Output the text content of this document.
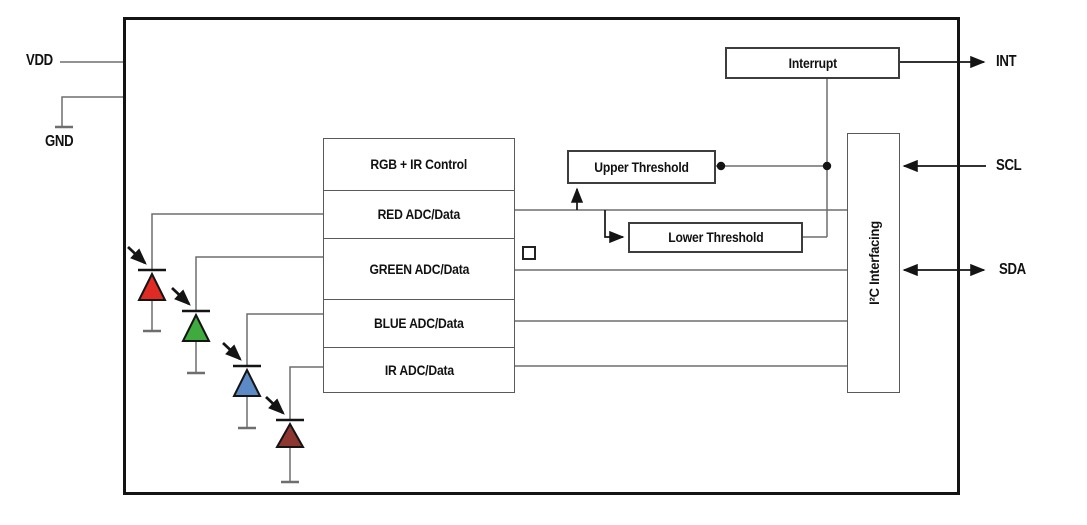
RGB + IR Control
RED ADC/Data
GREEN ADC/Data
BLUE ADC/Data
IR ADC/Data
Interrupt
Upper Threshold
Lower Threshold	I²C Interfacing
VDD
GND
INT
SCL
SDA
